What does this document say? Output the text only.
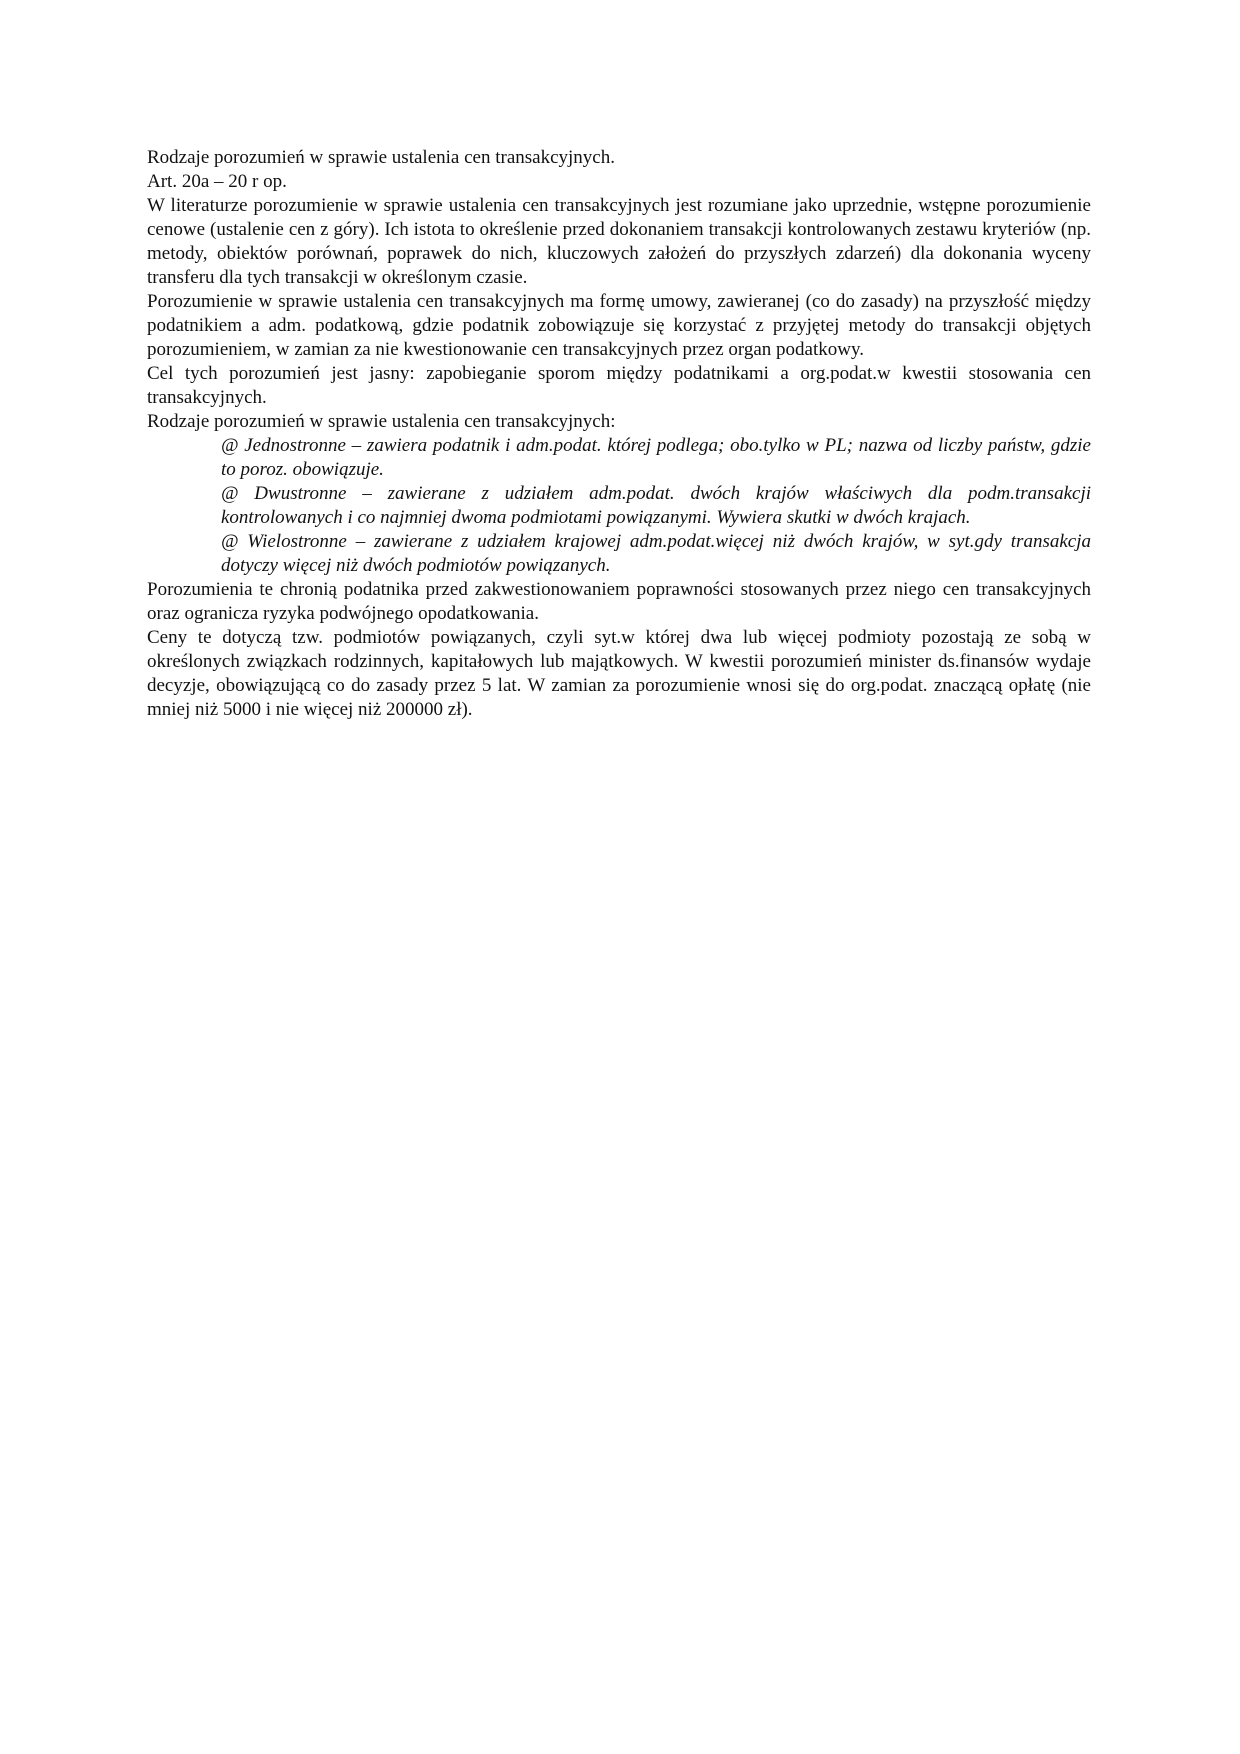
Rodzaje porozumień w sprawie ustalenia cen transakcyjnych.

Art. 20a – 20 r op.

W literaturze porozumienie w sprawie ustalenia cen transakcyjnych jest rozumiane jako uprzednie, wstępne porozumienie cenowe (ustalenie cen z góry). Ich istota to określenie przed dokonaniem transakcji kontrolowanych zestawu kryteriów (np. metody, obiektów porównań, poprawek do nich, kluczowych założeń do przyszłych zdarzeń) dla dokonania wyceny transferu dla tych transakcji w określonym czasie.

Porozumienie w sprawie ustalenia cen transakcyjnych ma formę umowy, zawieranej (co do zasady) na przyszłość między podatnikiem a adm. podatkową, gdzie podatnik zobowiązuje się korzystać z przyjętej metody do transakcji objętych porozumieniem, w zamian za nie kwestionowanie cen transakcyjnych przez organ podatkowy.

Cel tych porozumień jest jasny: zapobieganie sporom między podatnikami a org.podat.w kwestii stosowania cen transakcyjnych.

Rodzaje porozumień w sprawie ustalenia cen transakcyjnych:

@ Jednostronne – zawiera podatnik i adm.podat. której podlega; obo.tylko w PL; nazwa od liczby państw, gdzie to poroz. obowiązuje.
@ Dwustronne – zawierane z udziałem adm.podat. dwóch krajów właściwych dla podm.transakcji kontrolowanych i co najmniej dwoma podmiotami powiązanymi. Wywiera skutki w dwóch krajach.
@ Wielostronne – zawierane z udziałem krajowej adm.podat.więcej niż dwóch krajów, w syt.gdy transakcja dotyczy więcej niż dwóch podmiotów powiązanych.

Porozumienia te chronią podatnika przed zakwestionowaniem poprawności stosowanych przez niego cen transakcyjnych oraz ogranicza ryzyka podwójnego opodatkowania.

Ceny te dotyczą tzw. podmiotów powiązanych, czyli syt.w której dwa lub więcej podmioty pozostają ze sobą w określonych związkach rodzinnych, kapitałowych lub majątkowych. W kwestii porozumień minister ds.finansów wydaje decyzje, obowiązującą co do zasady przez 5 lat. W zamian za porozumienie wnosi się do org.podat. znaczącą opłatę (nie mniej niż 5000 i nie więcej niż 200000 zł).
